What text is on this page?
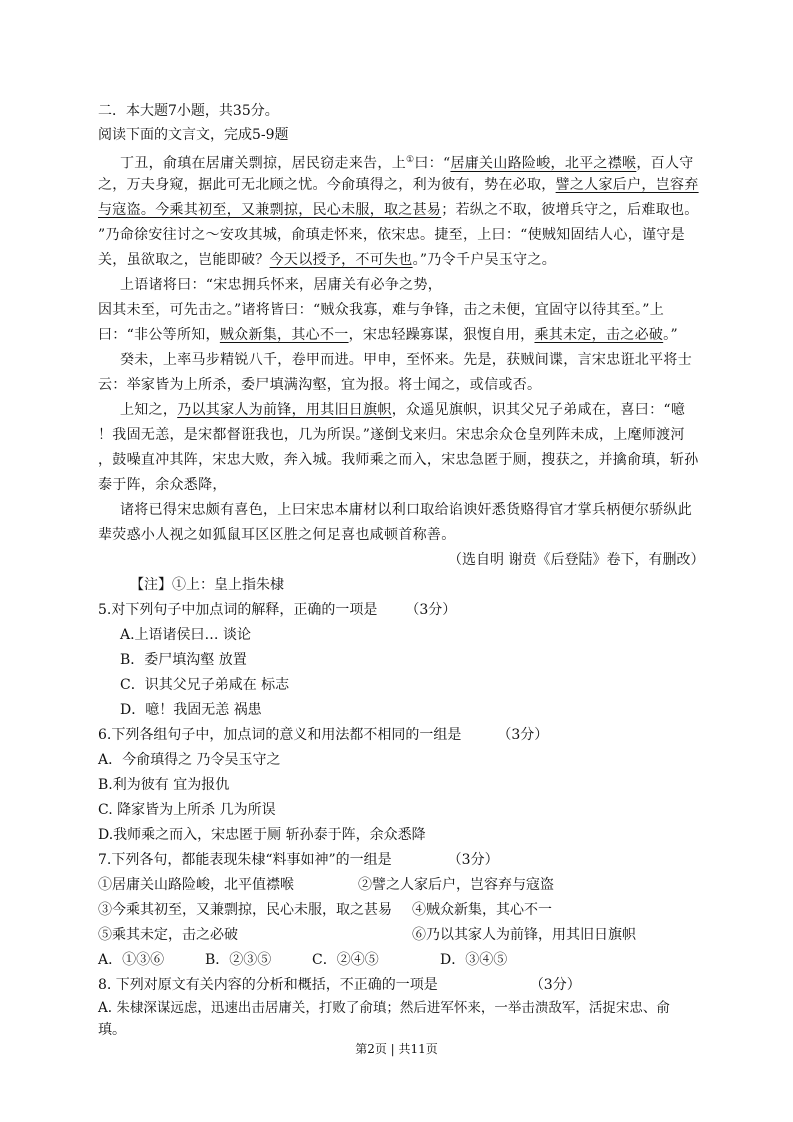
二．本大题7小题，共35分。
阅读下面的文言文，完成5-9题
丁丑，俞瑱在居庸关剽掠，居民窃走来告，上①曰：“居庸关山路险峻，北平之襟喉，百人守
之，万夫身窥，据此可无北顾之忧。今俞瑱得之，利为彼有，势在必取，譬之人家后户，岂容弃
与寇盗。今乘其初至，又兼剽掠，民心未服，取之甚易；若纵之不取，彼增兵守之，后难取也。
”乃命徐安往讨之～安攻其城，俞瑱走怀来，依宋忠。捷至，上曰：“使贼知固结人心，谨守是
关，虽欲取之，岂能即破？今天以授予，不可失也。”乃令千户吴玉守之。
上语诸将曰：“宋忠拥兵怀来，居庸关有必争之势，
因其未至，可先击之。”诸将皆曰：“贼众我寡，难与争锋，击之未便，宜固守以待其至。”上
曰：“非公等所知，贼众新集，其心不一，宋忠轻躁寡谋，狠愎自用，乘其未定，击之必破。”
癸未，上率马步精锐八千，卷甲而进。甲申，至怀来。先是，获贼间谍，言宋忠诳北平将士
云：举家皆为上所杀，委尸填满沟壑，宜为报。将士闻之，或信或否。
上知之，乃以其家人为前锋，用其旧日旗帜，众遥见旗帜，识其父兄子弟咸在，喜曰：“噫
！我固无恙，是宋都督诳我也，几为所误。”遂倒戈来归。宋忠余众仓皇列阵未成，上麾师渡河
，鼓噪直冲其阵，宋忠大败，奔入城。我师乘之而入，宋忠急匿于厕，搜获之，并擒俞瑱，斩孙
泰于阵，余众悉降，
诸将已得宋忠颇有喜色，上曰宋忠本庸材以利口取给谄谀奸悉货赂得官才掌兵柄便尔骄纵此
辈荧惑小人视之如狐鼠耳区区胜之何足喜也咸顿首称善。
（选自明 谢贲《后登陆》卷下，有删改）
【注】①上：皇上指朱棣
5.对下列句子中加点词的解释，正确的一项是 （3分）
A.上语诸侯曰… 谈论
B．委尸填沟壑 放置
C．识其父兄子弟咸在 标志
D．噫！我固无恙 祸患
6.下列各组句子中，加点词的意义和用法都不相同的一组是	（3分）
A．今俞瑱得之 乃令吴玉守之
B.利为彼有 宜为报仇
C. 降家皆为上所杀 几为所误
D.我师乘之而入，宋忠匿于厕 斩孙泰于阵，余众悉降
7.下列各句，都能表现朱棣“料事如神”的一组是	（3分）
①居庸关山路险峻，北平值襟喉	②譬之人家后户，岂容弃与寇盗
③今乘其初至，又兼剽掠，民心未服，取之甚易 ④贼众新集，其心不一
⑤乘其未定，击之必破	⑥乃以其家人为前锋，用其旧日旗帜
A．①③⑥	B．②③⑤	C．②④⑤	D．③④⑤
8. 下列对原文有关内容的分析和概括，不正确的一项是	（3分）
A. 朱棣深谋远虑，迅速出击居庸关，打败了俞瑱；然后进军怀来，一举击溃敌军，活捉宋忠、俞
瑱。
第2页 | 共11页
